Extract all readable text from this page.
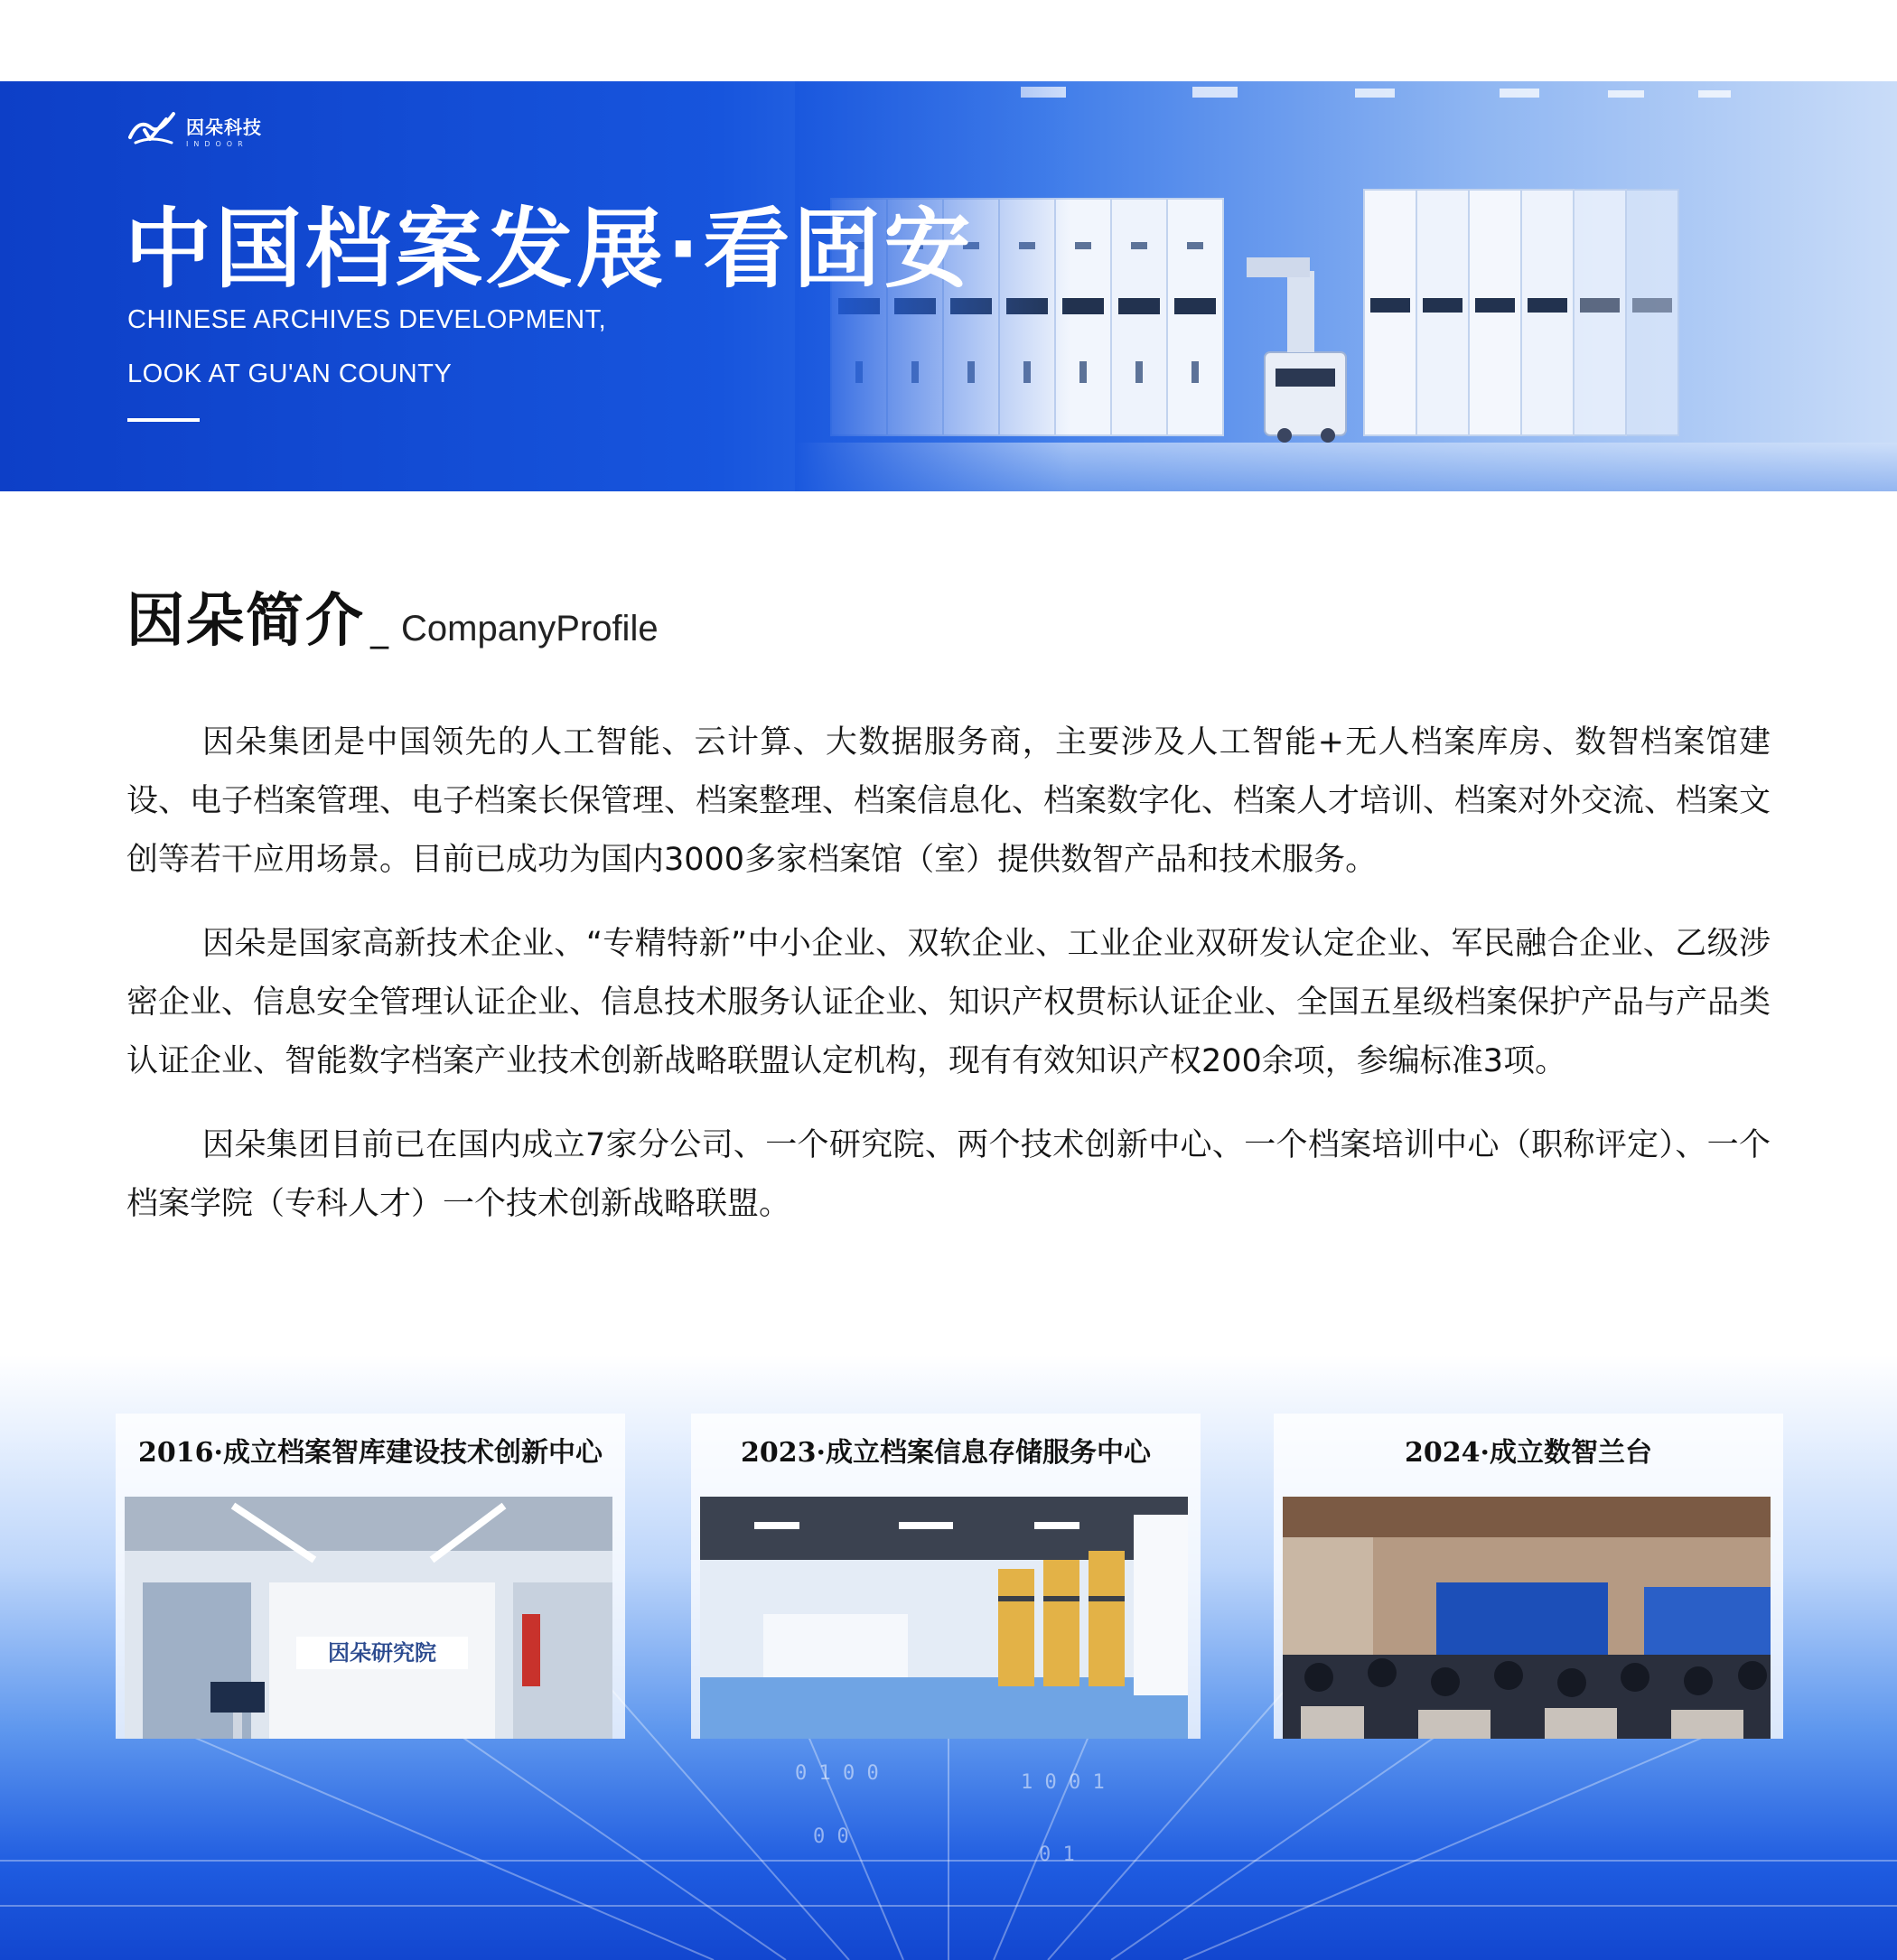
因朵科技
INDOOR
中国档案发展·看固安
CHINESE ARCHIVES DEVELOPMENT,
LOOK AT GU'AN COUNTY
因朵简介 _ CompanyProfile

因朵集团是中国领先的人工智能、云计算、大数据服务商，主要涉及人工智能+无人档案库房、数智档案馆建设、电子档案管理、电子档案长保管理、档案整理、档案信息化、档案数字化、档案人才培训、档案对外交流、档案文创等若干应用场景。目前已成功为国内3000多家档案馆（室）提供数智产品和技术服务。

因朵是国家高新技术企业、“专精特新”中小企业、双软企业、工业企业双研发认定企业、军民融合企业、乙级涉密企业、信息安全管理认证企业、信息技术服务认证企业、知识产权贯标认证企业、全国五星级档案保护产品与产品类认证企业、智能数字档案产业技术创新战略联盟认定机构，现有有效知识产权200余项，参编标准3项。

因朵集团目前已在国内成立7家分公司、一个研究院、两个技术创新中心、一个档案培训中心（职称评定）、一个档案学院（专科人才）一个技术创新战略联盟。

0 1 0 0	1 0 0 1
0 0
0 1
2016·成立档案智库建设技术创新中心
因朵研究院
2023·成立档案信息存储服务中心	2024·成立数智兰台
